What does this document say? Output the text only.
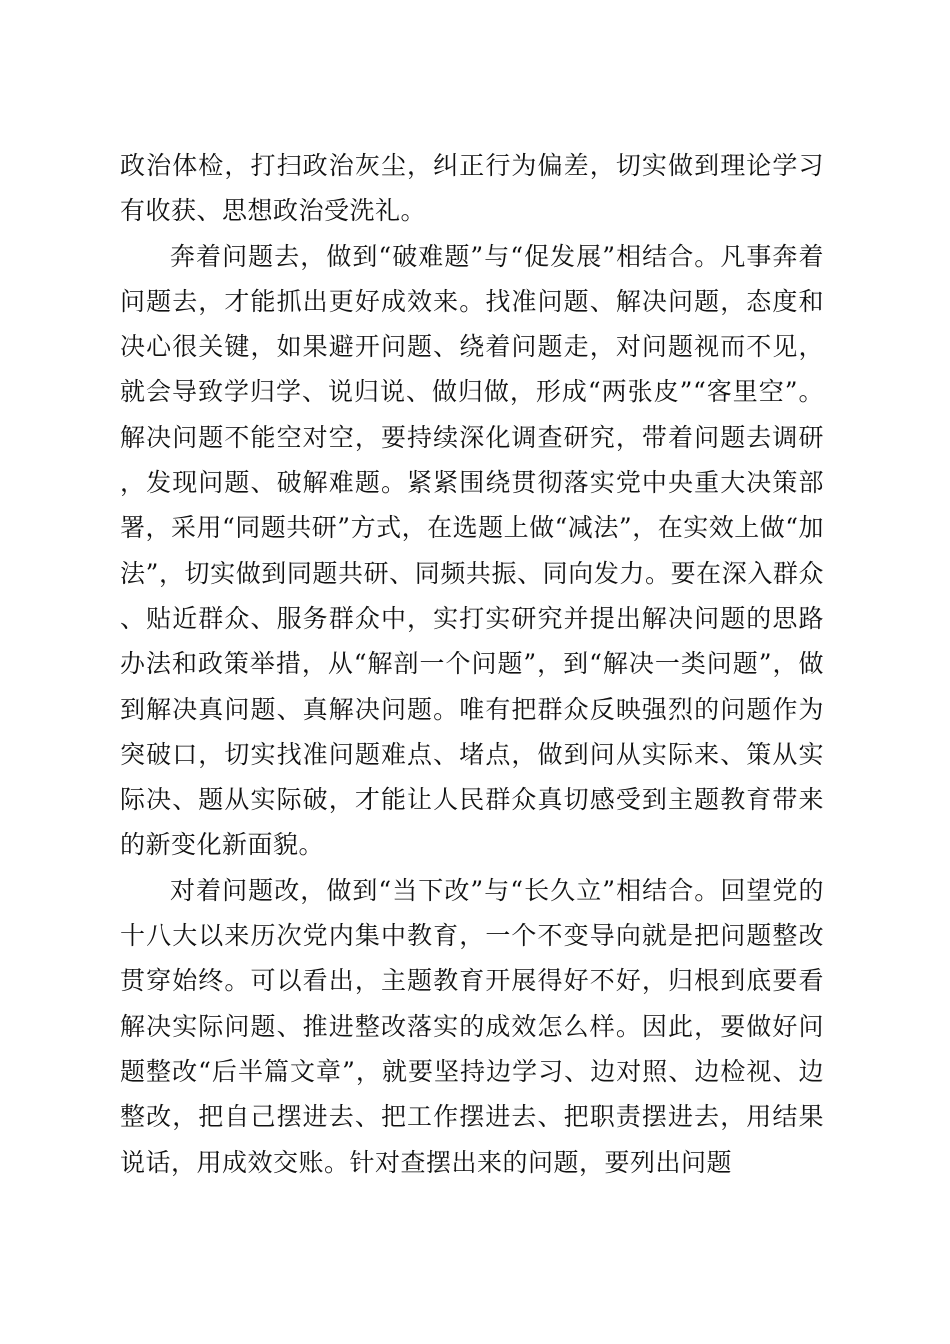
政治体检，打扫政治灰尘，纠正行为偏差，切实做到理论学习有收获、思想政治受洗礼。

奔着问题去，做到“破难题”与“促发展”相结合。凡事奔着问题去，才能抓出更好成效来。找准问题、解决问题，态度和决心很关键，如果避开问题、绕着问题走，对问题视而不见，就会导致学归学、说归说、做归做，形成“两张皮”“客里空”。解决问题不能空对空，要持续深化调查研究，带着问题去调研，发现问题、破解难题。紧紧围绕贯彻落实党中央重大决策部署，采用“同题共研”方式，在选题上做“减法”，在实效上做“加法”，切实做到同题共研、同频共振、同向发力。要在深入群众、贴近群众、服务群众中，实打实研究并提出解决问题的思路办法和政策举措，从“解剖一个问题”，到“解决一类问题”，做到解决真问题、真解决问题。唯有把群众反映强烈的问题作为突破口，切实找准问题难点、堵点，做到问从实际来、策从实际决、题从实际破，才能让人民群众真切感受到主题教育带来的新变化新面貌。

对着问题改，做到“当下改”与“长久立”相结合。回望党的十八大以来历次党内集中教育，一个不变导向就是把问题整改贯穿始终。可以看出，主题教育开展得好不好，归根到底要看解决实际问题、推进整改落实的成效怎么样。因此，要做好问题整改“后半篇文章”，就要坚持边学习、边对照、边检视、边整改，把自己摆进去、把工作摆进去、把职责摆进去，用结果说话，用成效交账。针对查摆出来的问题，要列出问题
